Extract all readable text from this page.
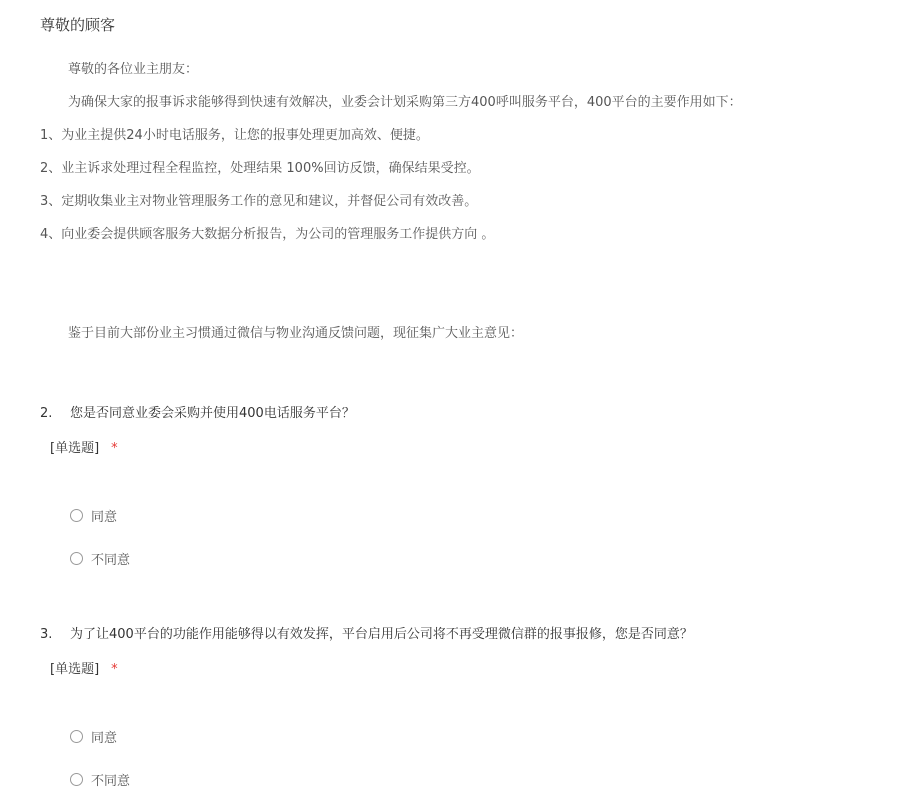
尊敬的顾客
尊敬的各位业主朋友：
为确保大家的报事诉求能够得到快速有效解决，业委会计划采购第三方400呼叫服务平台，400平台的主要作用如下：
1、为业主提供24小时电话服务，让您的报事处理更加高效、便捷。
2、业主诉求处理过程全程监控，处理结果 100%回访反馈，确保结果受控。
3、定期收集业主对物业管理服务工作的意见和建议，并督促公司有效改善。
4、向业委会提供顾客服务大数据分析报告，为公司的管理服务工作提供方向 。
鉴于目前大部份业主习惯通过微信与物业沟通反馈问题，现征集广大业主意见：
2. 您是否同意业委会采购并使用400电话服务平台？
[单选题] *
同意
不同意
3. 为了让400平台的功能作用能够得以有效发挥，平台启用后公司将不再受理微信群的报事报修，您是否同意？
[单选题] *
同意
不同意
